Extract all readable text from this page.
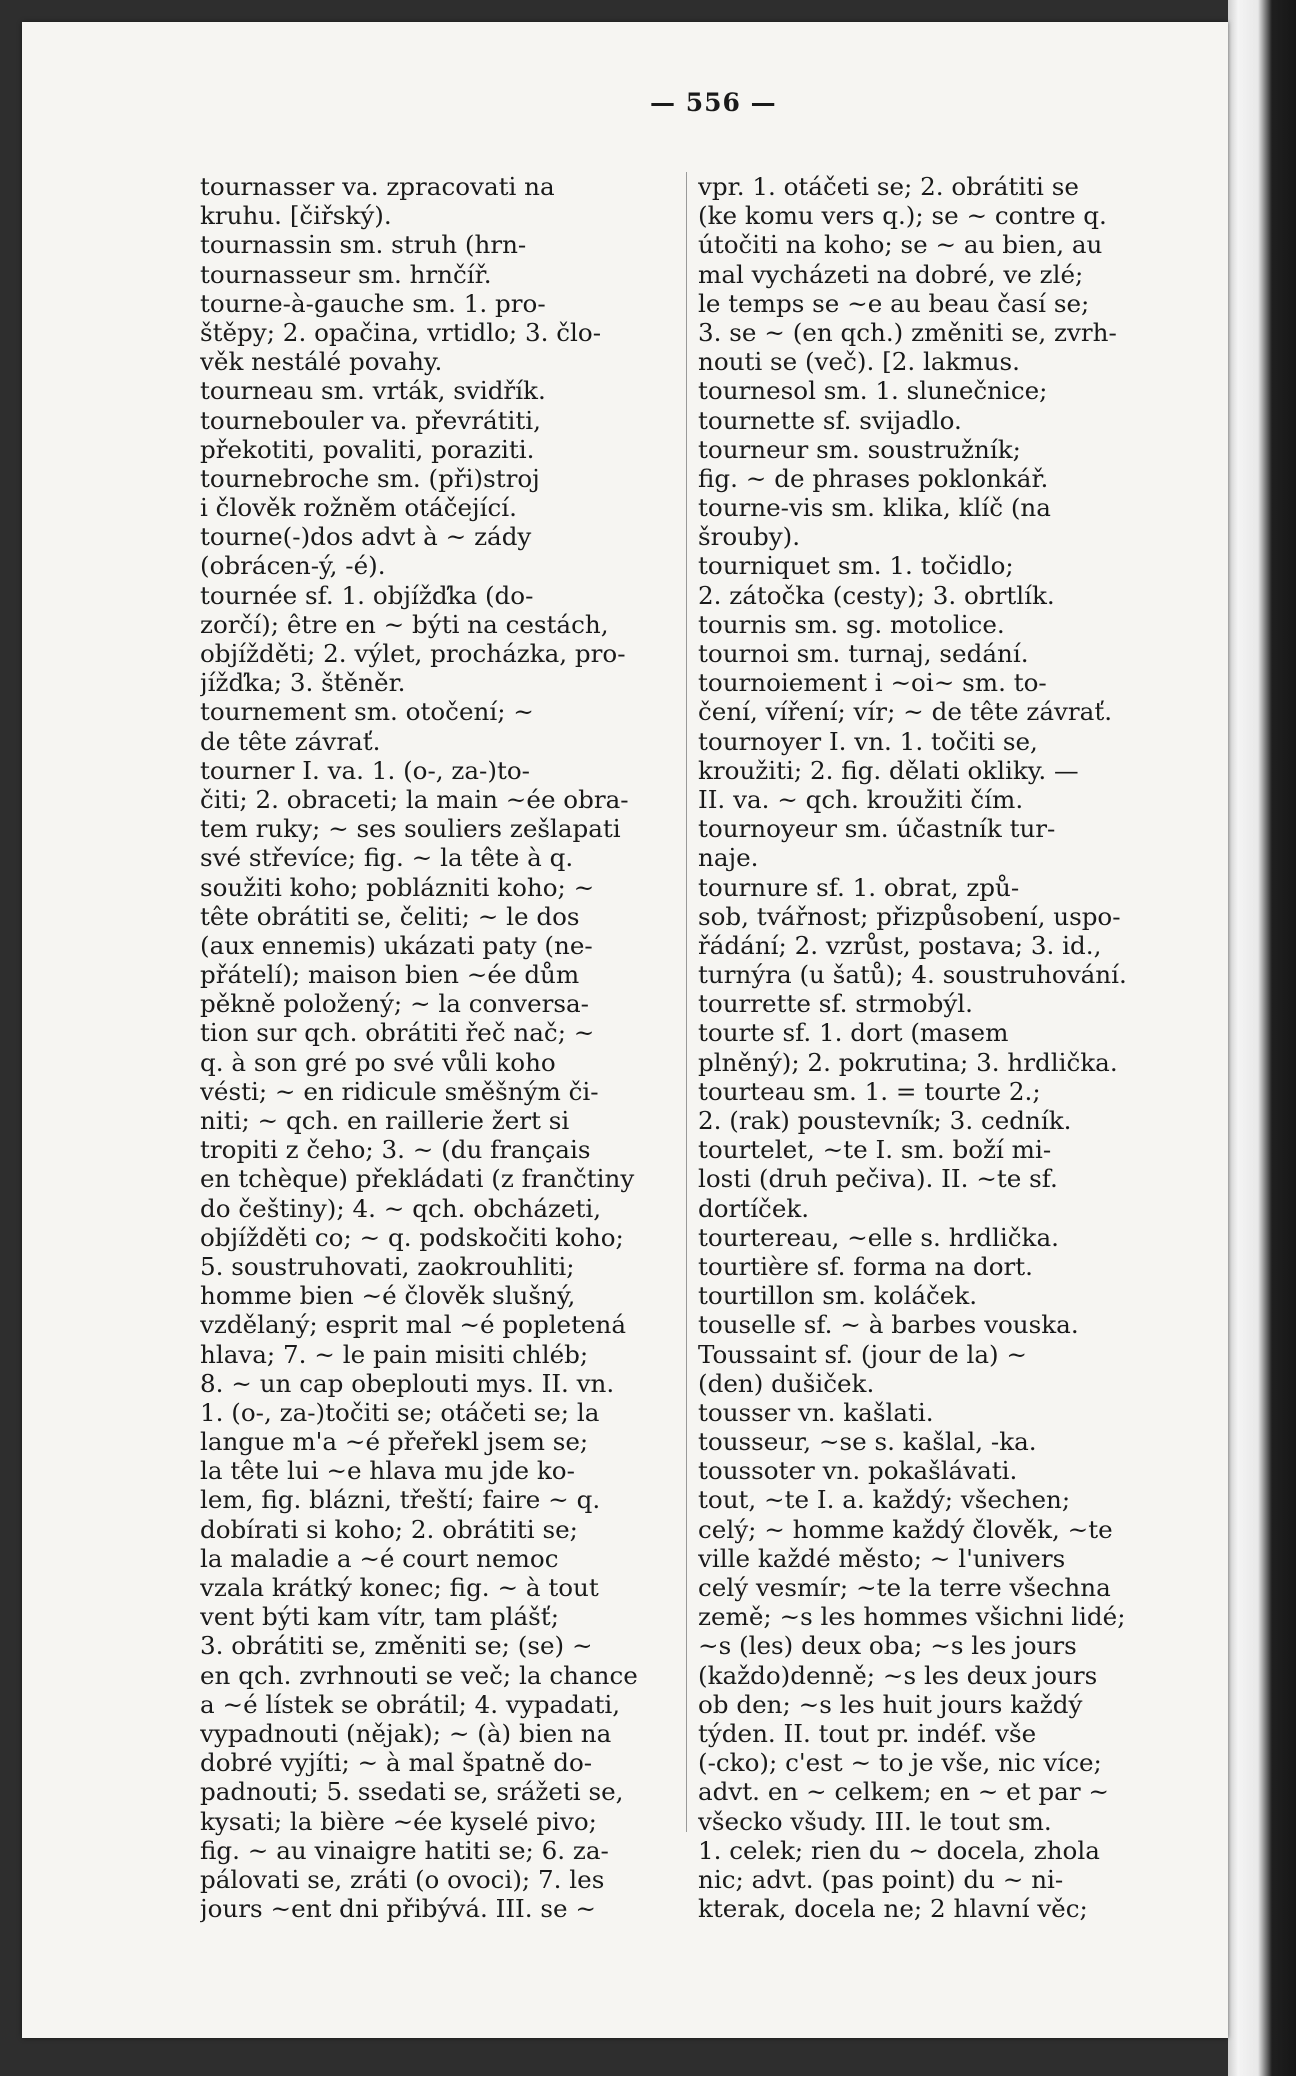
— 556 —
tournasser va. zpracovati na
kruhu. [čiřský).
tournassin sm. struh (hrn-
tournasseur sm. hrnčíř.
tourne-à-gauche sm. 1. pro-
štěpy; 2. opačina, vrtidlo; 3. člo-
věk nestálé povahy.
tourneau sm. vrták, svidřík.
tournebouler va. převrátiti,
překotiti, povaliti, poraziti.
tournebroche sm. (při)stroj
i člověk rožněm otáčející.
tourne(-)dos advt à ~ zády
(obrácen-ý, -é).
tournée sf. 1. objížďka (do-
zorčí); être en ~ býti na cestách,
objížděti; 2. výlet, procházka, pro-
jížďka; 3. štěněr.
tournement sm. otočení; ~
de tête závrať.
tourner I. va. 1. (o-, za-)to-
čiti; 2. obraceti; la main ~ée obra-
tem ruky; ~ ses souliers zešlapati
své střevíce; fig. ~ la tête à q.
soužiti koho; poblázniti koho; ~
tête obrátiti se, čeliti; ~ le dos
(aux ennemis) ukázati paty (ne-
přátelí); maison bien ~ée dům
pěkně položený; ~ la conversa-
tion sur qch. obrátiti řeč nač; ~
q. à son gré po své vůli koho
vésti; ~ en ridicule směšným či-
niti; ~ qch. en raillerie žert si
tropiti z čeho; 3. ~ (du français
en tchèque) překládati (z frančtiny
do češtiny); 4. ~ qch. obcházeti,
objížděti co; ~ q. podskočiti koho;
5. soustruhovati, zaokrouhliti;
homme bien ~é člověk slušný,
vzdělaný; esprit mal ~é popletená
hlava; 7. ~ le pain misiti chléb;
8. ~ un cap obeplouti mys. II. vn.
1. (o-, za-)točiti se; otáčeti se; la
langue m'a ~é přeřekl jsem se;
la tête lui ~e hlava mu jde ko-
lem, fig. blázni, třeští; faire ~ q.
dobírati si koho; 2. obrátiti se;
la maladie a ~é court nemoc
vzala krátký konec; fig. ~ à tout
vent býti kam vítr, tam plášť;
3. obrátiti se, změniti se; (se) ~
en qch. zvrhnouti se več; la chance
a ~é lístek se obrátil; 4. vypadati,
vypadnouti (nějak); ~ (à) bien na
dobré vyjíti; ~ à mal špatně do-
padnouti; 5. ssedati se, srážeti se,
kysati; la bière ~ée kyselé pivo;
fig. ~ au vinaigre hatiti se; 6. za-
pálovati se, zráti (o ovoci); 7. les
jours ~ent dni přibývá. III. se ~
vpr. 1. otáčeti se; 2. obrátiti se
(ke komu vers q.); se ~ contre q.
útočiti na koho; se ~ au bien, au
mal vycházeti na dobré, ve zlé;
le temps se ~e au beau časí se;
3. se ~ (en qch.) změniti se, zvrh-
nouti se (več). [2. lakmus.
tournesol sm. 1. slunečnice;
tournette sf. svijadlo.
tourneur sm. soustružník;
fig. ~ de phrases poklonkář.
tourne-vis sm. klika, klíč (na
šrouby).
tourniquet sm. 1. točidlo;
2. zátočka (cesty); 3. obrtlík.
tournis sm. sg. motolice.
tournoi sm. turnaj, sedání.
tournoiement i ~oi~ sm. to-
čení, víření; vír; ~ de tête závrať.
tournoyer I. vn. 1. točiti se,
kroužiti; 2. fig. dělati okliky. —
II. va. ~ qch. kroužiti čím.
tournoyeur sm. účastník tur-
naje.
tournure sf. 1. obrat, způ-
sob, tvářnost; přizpůsobení, uspo-
řádání; 2. vzrůst, postava; 3. id.,
turnýra (u šatů); 4. soustruhování.
tourrette sf. strmobýl.
tourte sf. 1. dort (masem
plněný); 2. pokrutina; 3. hrdlička.
tourteau sm. 1. = tourte 2.;
2. (rak) poustevník; 3. cedník.
tourtelet, ~te I. sm. boží mi-
losti (druh pečiva). II. ~te sf.
dortíček.
tourtereau, ~elle s. hrdlička.
tourtière sf. forma na dort.
tourtillon sm. koláček.
touselle sf. ~ à barbes vouska.
Toussaint sf. (jour de la) ~
(den) dušiček.
tousser vn. kašlati.
tousseur, ~se s. kašlal, -ka.
toussoter vn. pokašlávati.
tout, ~te I. a. každý; všechen;
celý; ~ homme každý člověk, ~te
ville každé město; ~ l'univers
celý vesmír; ~te la terre všechna
země; ~s les hommes všichni lidé;
~s (les) deux oba; ~s les jours
(každo)denně; ~s les deux jours
ob den; ~s les huit jours každý
týden. II. tout pr. indéf. vše
(-cko); c'est ~ to je vše, nic více;
advt. en ~ celkem; en ~ et par ~
všecko všudy. III. le tout sm.
1. celek; rien du ~ docela, zhola
nic; advt. (pas point) du ~ ni-
kterak, docela ne; 2 hlavní věc;
